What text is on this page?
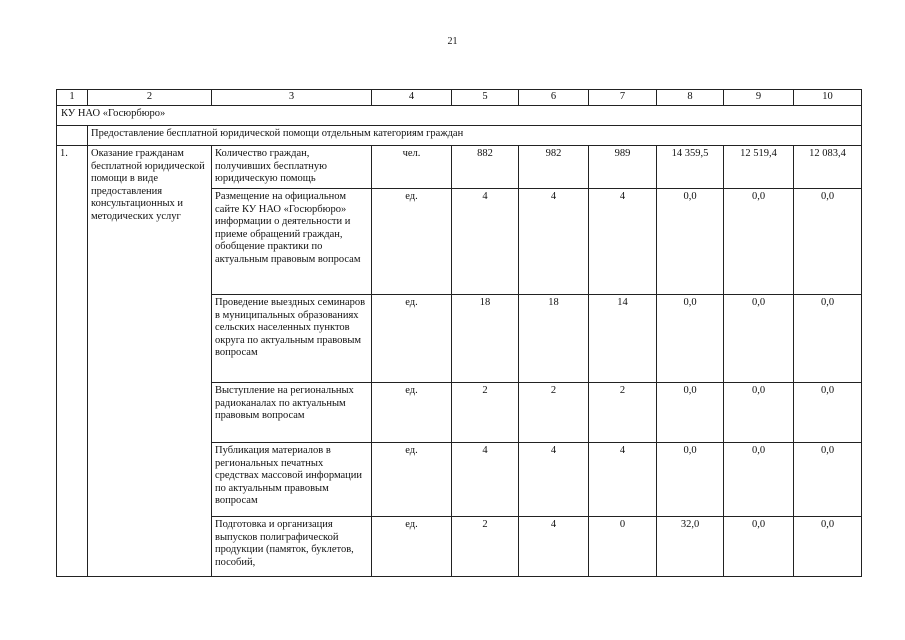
21
1	2	3	4	5	6	7	8	9	10
КУ НАО «Госюрбюро»									
	Предоставление бесплатной юридической помощи отдельным категориям граждан								
1.	Оказание гражданам бесплатной юридической помощи в виде предоставления консультационных и методических услуг	Количество граждан, получивших бесплатную юридическую помощь	чел.	882	982	989	14 359,5	12 519,4	12 083,4
		Размещение на официальном сайте КУ НАО «Госюрбюро» информации о деятельности и приеме обращений граждан, обобщение практики по актуальным правовым вопросам	ед.	4	4	4	0,0	0,0	0,0
		Проведение выездных семинаров в муниципальных образованиях сельских населенных пунктов округа по актуальным правовым вопросам	ед.	18	18	14	0,0	0,0	0,0
		Выступление на региональных радиоканалах по актуальным правовым вопросам	ед.	2	2	2	0,0	0,0	0,0
		Публикация материалов в региональных печатных средствах массовой информации по актуальным правовым вопросам	ед.	4	4	4	0,0	0,0	0,0
		Подготовка и организация выпусков полиграфической продукции (памяток, буклетов, пособий,	ед.	2	4	0	32,0	0,0	0,0
